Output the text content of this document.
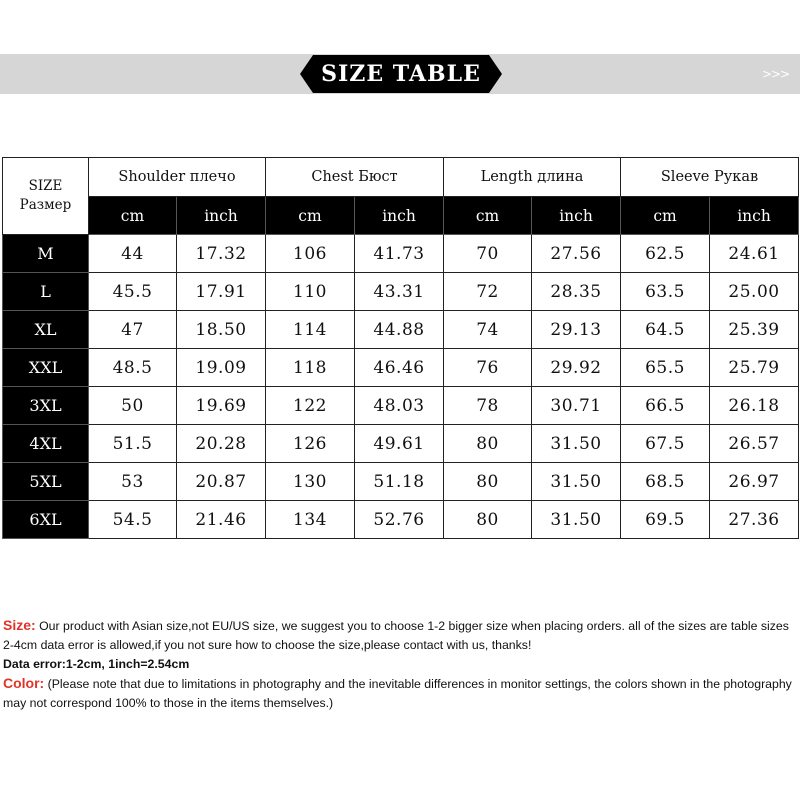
SIZE TABLE	>>>
SIZE
Размер	Shoulder плечо		Chest Бюст		Length длина		Sleeve Рукав	
	cm	inch	cm	inch	cm	inch	cm	inch
M	44	17.32	106	41.73	70	27.56	62.5	24.61
L	45.5	17.91	110	43.31	72	28.35	63.5	25.00
XL	47	18.50	114	44.88	74	29.13	64.5	25.39
XXL	48.5	19.09	118	46.46	76	29.92	65.5	25.79
3XL	50	19.69	122	48.03	78	30.71	66.5	26.18
4XL	51.5	20.28	126	49.61	80	31.50	67.5	26.57
5XL	53	20.87	130	51.18	80	31.50	68.5	26.97
6XL	54.5	21.46	134	52.76	80	31.50	69.5	27.36

Size: Our product with Asian size,not EU/US size, we suggest you to choose 1-2 bigger size when placing orders. all of the sizes are table sizes 2-4cm data error is allowed,if you not sure how to choose the size,please contact with us, thanks!

Data error:1-2cm, 1inch=2.54cm

Color: (Please note that due to limitations in photography and the inevitable differences in monitor settings, the colors shown in the photography may not correspond 100% to those in the items themselves.)
